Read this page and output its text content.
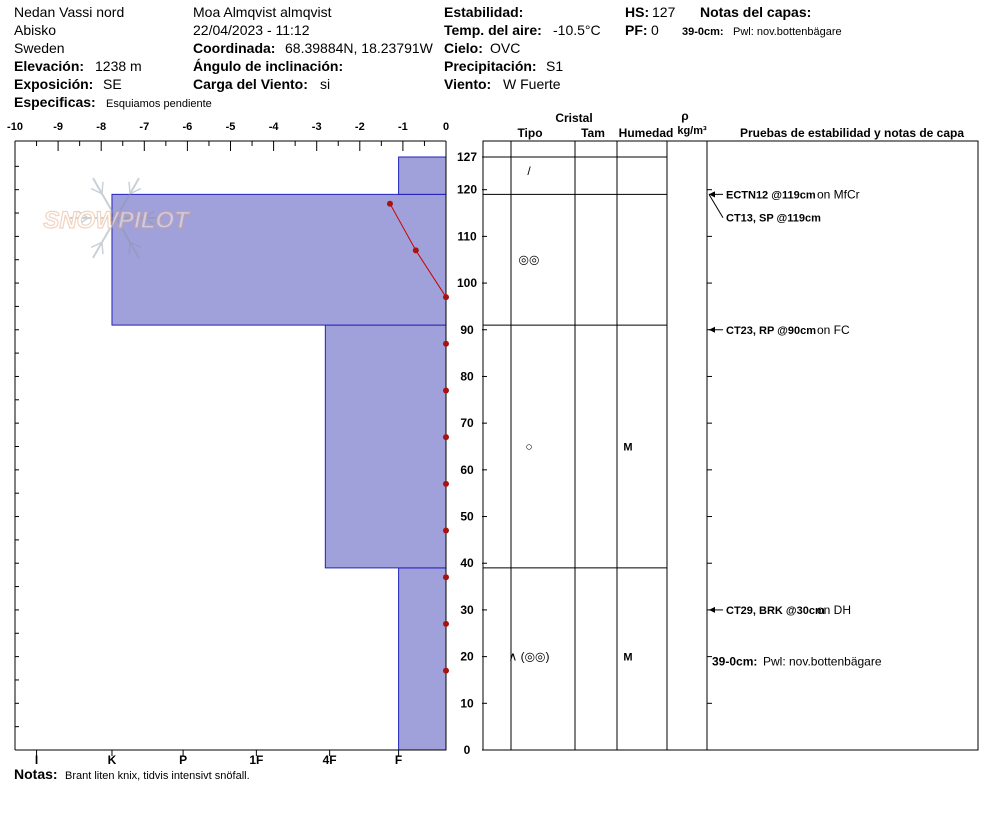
Nedan Vassi nord
Abisko
Sweden
Elevación: 1238 m
Exposición: SE
Especificas: Esquiamos pendiente
Moa Almqvist almqvist
22/04/2023 - 11:12
Coordinada: 68.39884N, 18.23791W
Ángulo de inclinación:
Carga del Viento: si
Estabilidad:
Temp. del aire: -10.5°C
Cielo: OVC
Precipitación: S1
Viento: W Fuerte
HS: 127
PF: 0
Notas del capas:
39-0cm: Pwl: nov.bottenbägare
Notas: Brant liten knix, tidvis intensivt snöfall.
SNOWPILOT
-10	-9	-8	-7	-6	-5	-4	-3	-2	-1	0
0
10
20
30
40
50
60
70
80
90
100
110
120
127
I	K	P	1F	4F	F
Cristal
Tipo	Tam Humedad
ρ
kg/m³	Pruebas de estabilidad y notas de capa
/
◎◎
○	M
∧ (◎◎)	M
ECTN12 @119cm on MfCr
CT13, SP @119cm
CT23, RP @90cm on FC
CT29, BRK @30cm
on DH
39-0cm: Pwl: nov.bottenbägare
